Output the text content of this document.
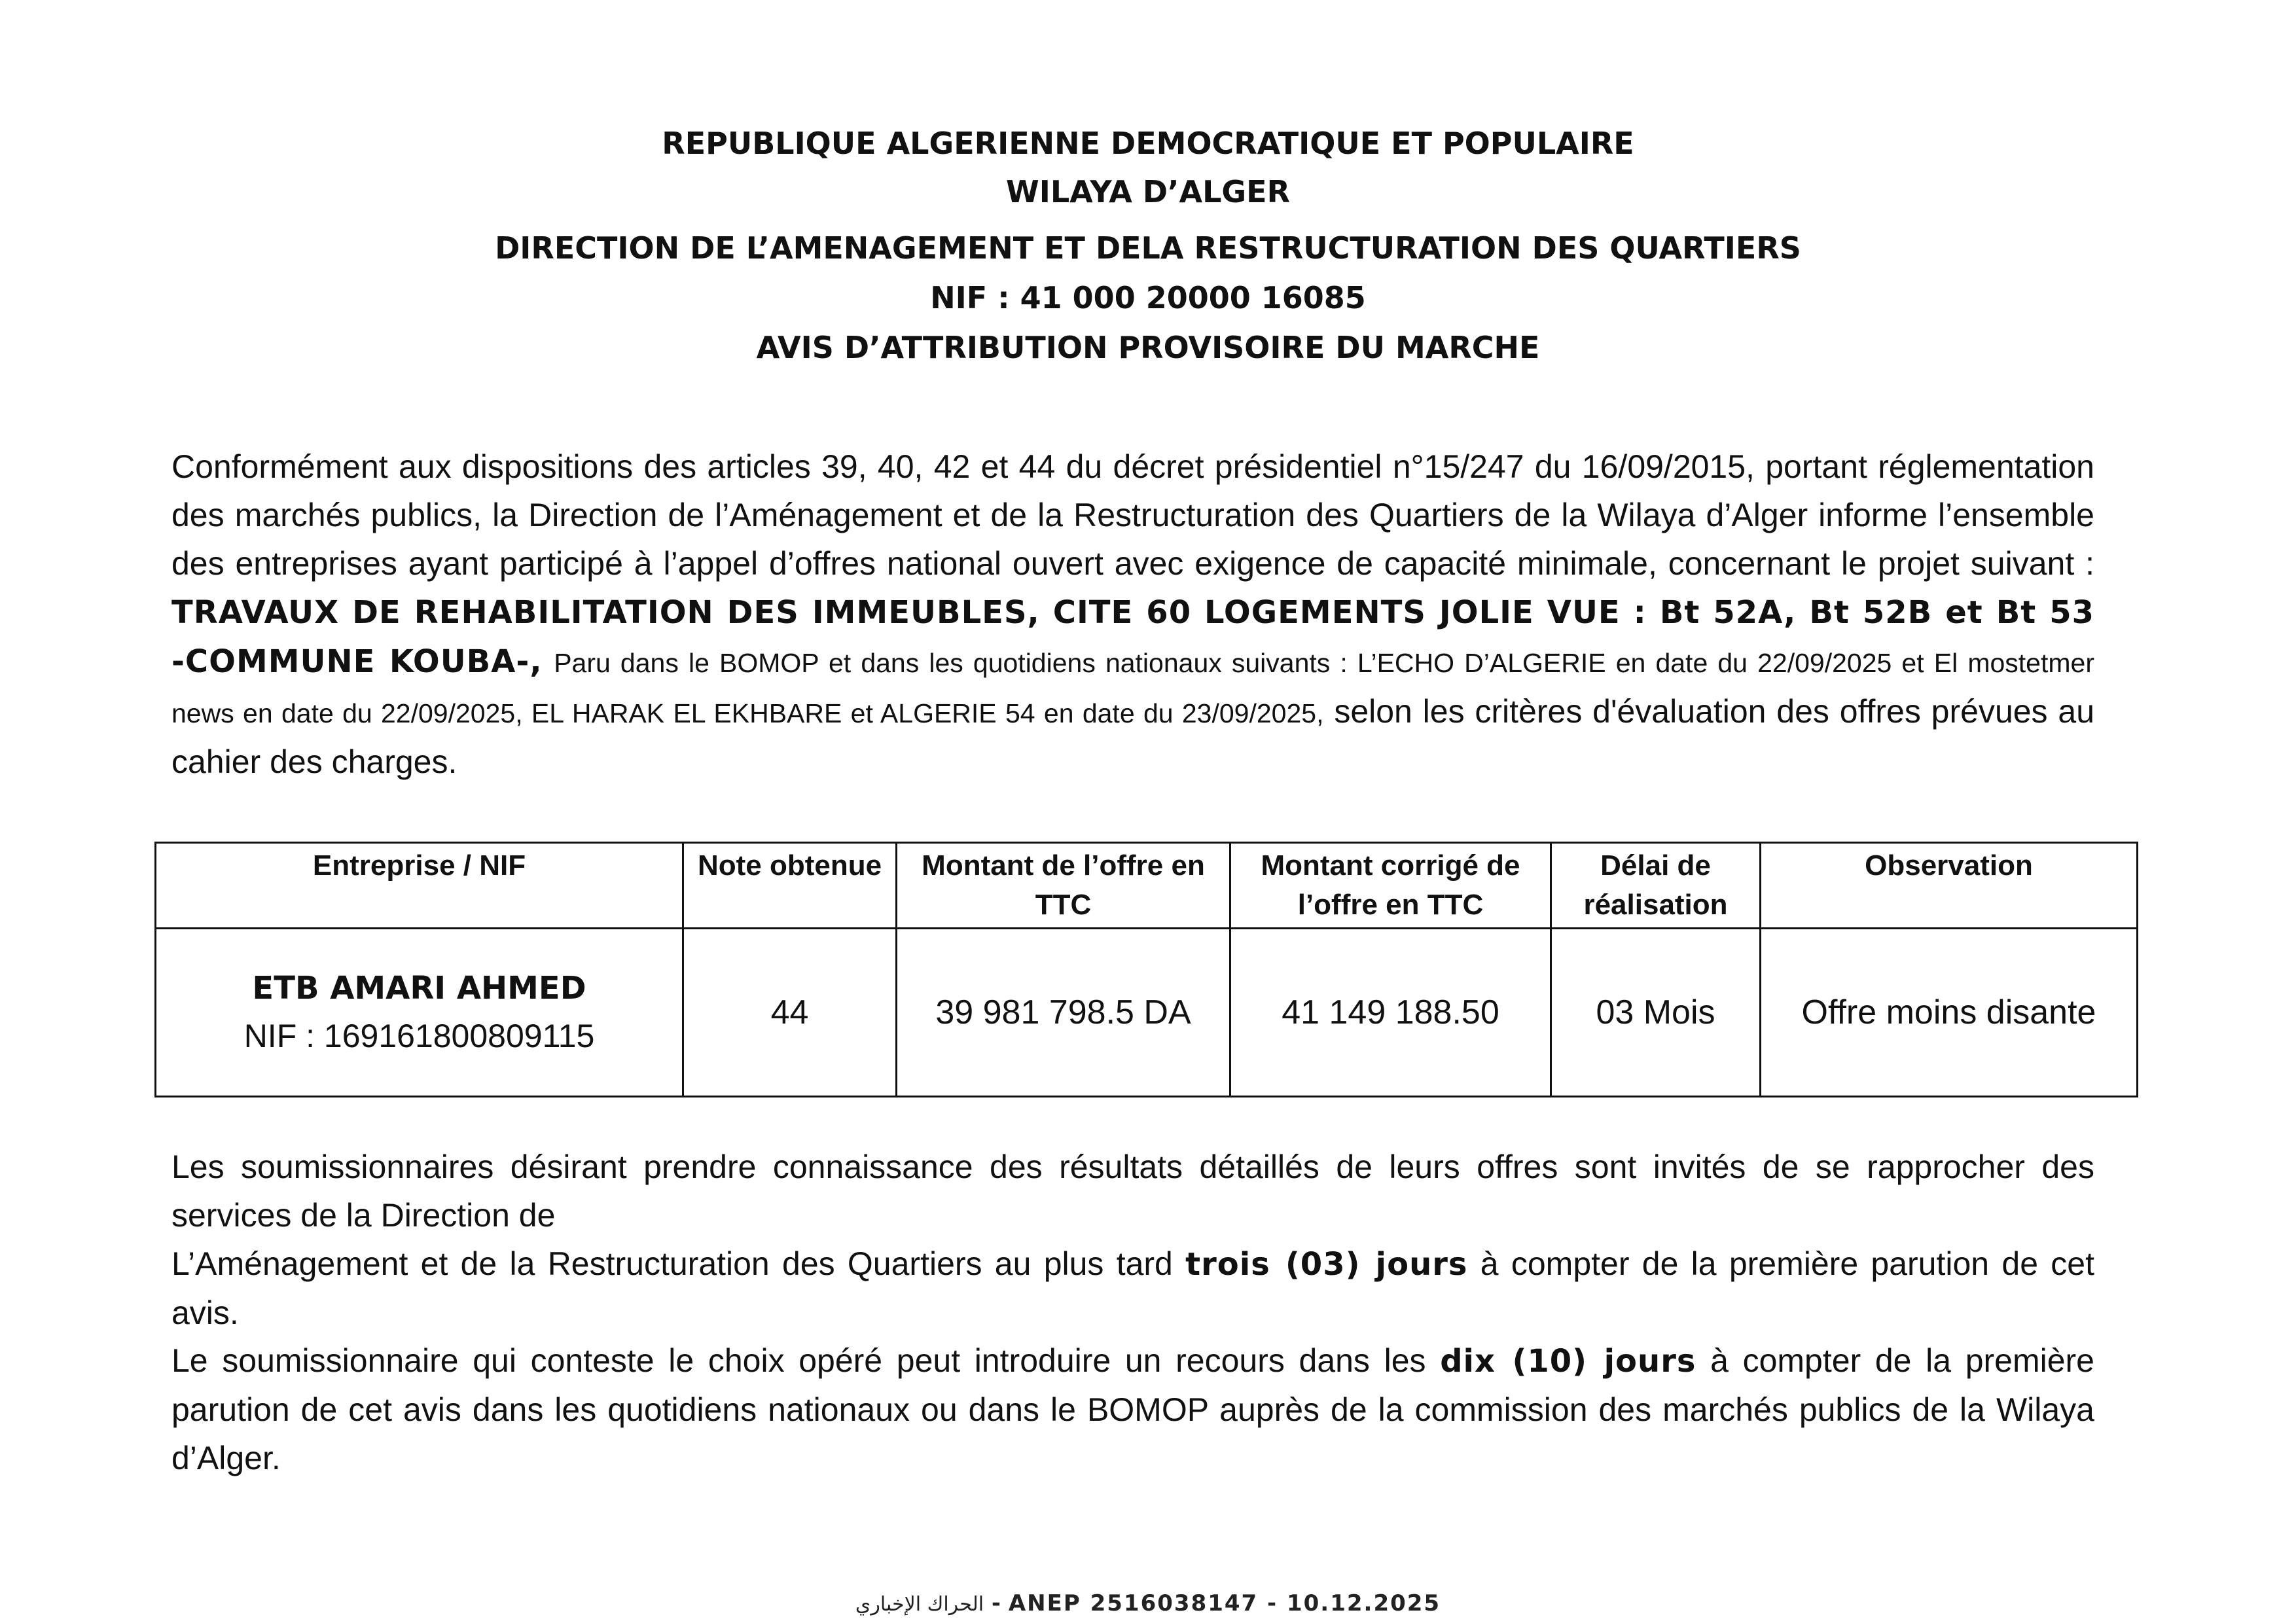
REPUBLIQUE ALGERIENNE DEMOCRATIQUE ET POPULAIRE
WILAYA D’ALGER
DIRECTION DE L’AMENAGEMENT ET DELA RESTRUCTURATION DES QUARTIERS
NIF : 41 000 20000 16085
AVIS D’ATTRIBUTION PROVISOIRE DU MARCHE

Conformément aux dispositions des articles 39, 40, 42 et 44 du décret présidentiel n°15/247 du 16/09/2015, portant réglementation des marchés publics, la Direction de l’Aménagement et de la Restructuration des Quartiers de la Wilaya d’Alger informe l’ensemble des entreprises ayant participé à l’appel d’offres national ouvert avec exigence de capacité minimale, concernant le projet suivant : TRAVAUX DE REHABILITATION DES IMMEUBLES, CITE 60 LOGEMENTS JOLIE VUE : Bt 52A, Bt 52B et Bt 53 -COMMUNE KOUBA-, Paru dans le BOMOP et dans les quotidiens nationaux suivants : L’ECHO D’ALGERIE en date du 22/09/2025 et El mostetmer news en date du 22/09/2025, EL HARAK EL EKHBARE et ALGERIE 54 en date du 23/09/2025, selon les critères d'évaluation des offres prévues au cahier des charges.

Entreprise / NIF	Note obtenue	Montant de l’offre en TTC	Montant corrigé de l’offre en TTC	Délai de réalisation	Observation

ETB AMARI AHMED
NIF : 169161800809115	44	39 981 798.5 DA	41 149 188.50	03 Mois	Offre moins disante

Les soumissionnaires désirant prendre connaissance des résultats détaillés de leurs offres sont invités de se rapprocher des services de la Direction de
L’Aménagement et de la Restructuration des Quartiers au plus tard trois (03) jours à compter de la première parution de cet avis.

Le soumissionnaire qui conteste le choix opéré peut introduire un recours dans les dix (10) jours à compter de la première parution de cet avis dans les quotidiens nationaux ou dans le BOMOP auprès de la commission des marchés publics de la Wilaya d’Alger.

الحراك الإخباري - ANEP 2516038147 - 10.12.2025
